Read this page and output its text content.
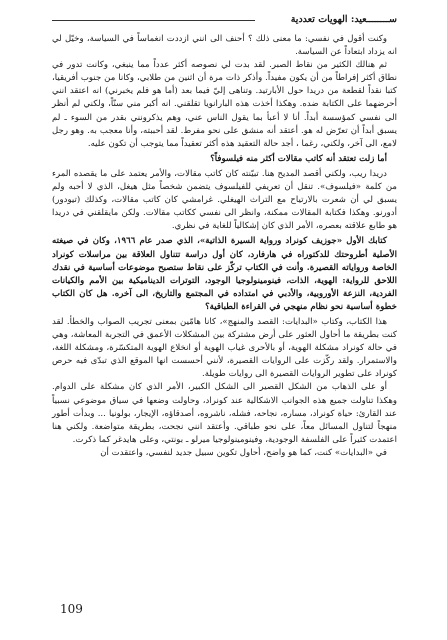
ســــــــعيد: الهويات تعددية

وكنت أقول في نفسي: ما معنى ذلك ؟ أحنف الى انني ازددت انغماساً في السياسة، وخيّل لي انه يزداد ابتعاداً عن السياسة.

ثم هنالك الكثير من نقاط الصبر. لقد بدت لي نصوصه أكثر عدداً مما ينبغي، وكانت تدور في نطاق أكثر إفراطاً من أن يكون مفيداً. وأذكر ذات مرة أن اثنين من طلابي، وكانا من جنوب أفريقيا، كتبا نقداً لقطعة من دريدا حول الأبارتيد. وتناهى إليّ فيما بعد (أما هو فلم يخبرني) انه اعتقد انني أحرضهما على الكتابة ضده. وهكذا أخذت هذه البارانويا تقلقني. انه أكبر مني سنّاً، ولكني لم أنظر الى نفسي كمؤسسة أبداً. أنا لا أعبأ بما يقول الناس عني، وهم يذكرونني بقدر من السوء ـ لم يسبق أبداً أن تعرّض له هو. أعتقد أنه منشق على نحو مفرط. لقد أحببته، وأنا معجب به. وهو رجل لامع، الى آخر، ولكني، رغما ، أجد حالة التعقيد هذه أكثر تعقيداً مما يتوجب أن تكون عليه.

أما زلت تعتقد أنه كاتب مقالات أكثر منه فيلسوفاً؟

دريدا ريب، ولكني أقصد المديح هنا. تبيّنته كان كاتب مقالات، والأمر يعتمد على ما يقصده المرء من كلمة «فيلسوف». تنقل أن تعريفي للفيلسوف يتضمن شخصاً مثل هيغل، الذي لا أحبه ولم يسبق لي أن شعرت بالارتياح مع التراث الهيغلي. غرامشي كان كاتب مقالات، وكذلك (تيودور) أدورنو. وهكذا فكتابة المقالات ممكنة، وانظر الى نفسي ككاتب مقالات. ولكن مايقلقني في دريدا هو طابع علاقته بعصره، الأمر الذي كان إشكالياً للغاية في نظري.

كتابك الأول «جوزيف كونراد ورواية السيرة الذاتية»، الذي صدر عام ١٩٦٦، وكان في صيغته الأصلية أطروحتك للدكتوراه في هارفارد، كان أول دراسة تتناول العلاقة بين مراسلات كونراد الخاصة ورواياته القصيرة. وأنت في الكتاب تركّز على نقاط ستصبح موضوعات أساسية في نقدك اللاحق للرواية: الهوية، الذات، فينومينولوجيا الوجود، التوترات الديناميكية بين الأمم والكيانات الفردية، النزعة الأوروبية، والأدبي في امتداده في المجتمع والتاريخ، الى آخره. هل كان الكتاب خطوة أساسية نحو نظام منهجي في القراءة الطباقية؟

هذا الكتاب، وكتاب «البدايات: القصد والمنهج»، كانا هامّين بمعنى تجريب الصواب والخطأ. لقد كنت بطريقة ما أحاول العثور على أرض مشتركة بين المشكلات الأعمق في التجربة المعاشة، وهي في حالة كونراد مشكلة الهوية، أو بالأحرى غياب الهوية أو انخلاع الهوية المتكسّرة، ومشكلة اللغة، والاستمرار. ولقد ركّزت على الروايات القصيرة، لأنني أحسست انها الموقع الذي تبدّى فيه حرص كونراد على تطوير الروايات القصيرة الى روايات طويلة.

أو على الذهاب من الشكل القصير الى الشكل الكبير، الأمر الذي كان مشكلة على الدوام. وهكذا تناولت جميع هذه الجوانب الاشكالية عند كونراد، وحاولت وضعها في سياق موضوعي نسبياً عند القارئ: حياة كونراد، مساره، نجاحه، فشله، ناشروه، أصدقاؤه، الإيجار، بولونيا ... وبدأت أطور منهجاً لتناول المسائل معاً، على نحو طباقي. وأعتقد انني نجحت، بطريقة متواضعة. ولكني هنا اعتمدت كثيراً على الفلسفة الوجودية، وفينومينولوجيا ميرلو ـ بونتي، وعلى هايدغر كما ذكرت.

في «البدايات» كنت، كما هو واضح، أحاول تكوين سبيل جديد لنفسي، واعتقدت أن

109
